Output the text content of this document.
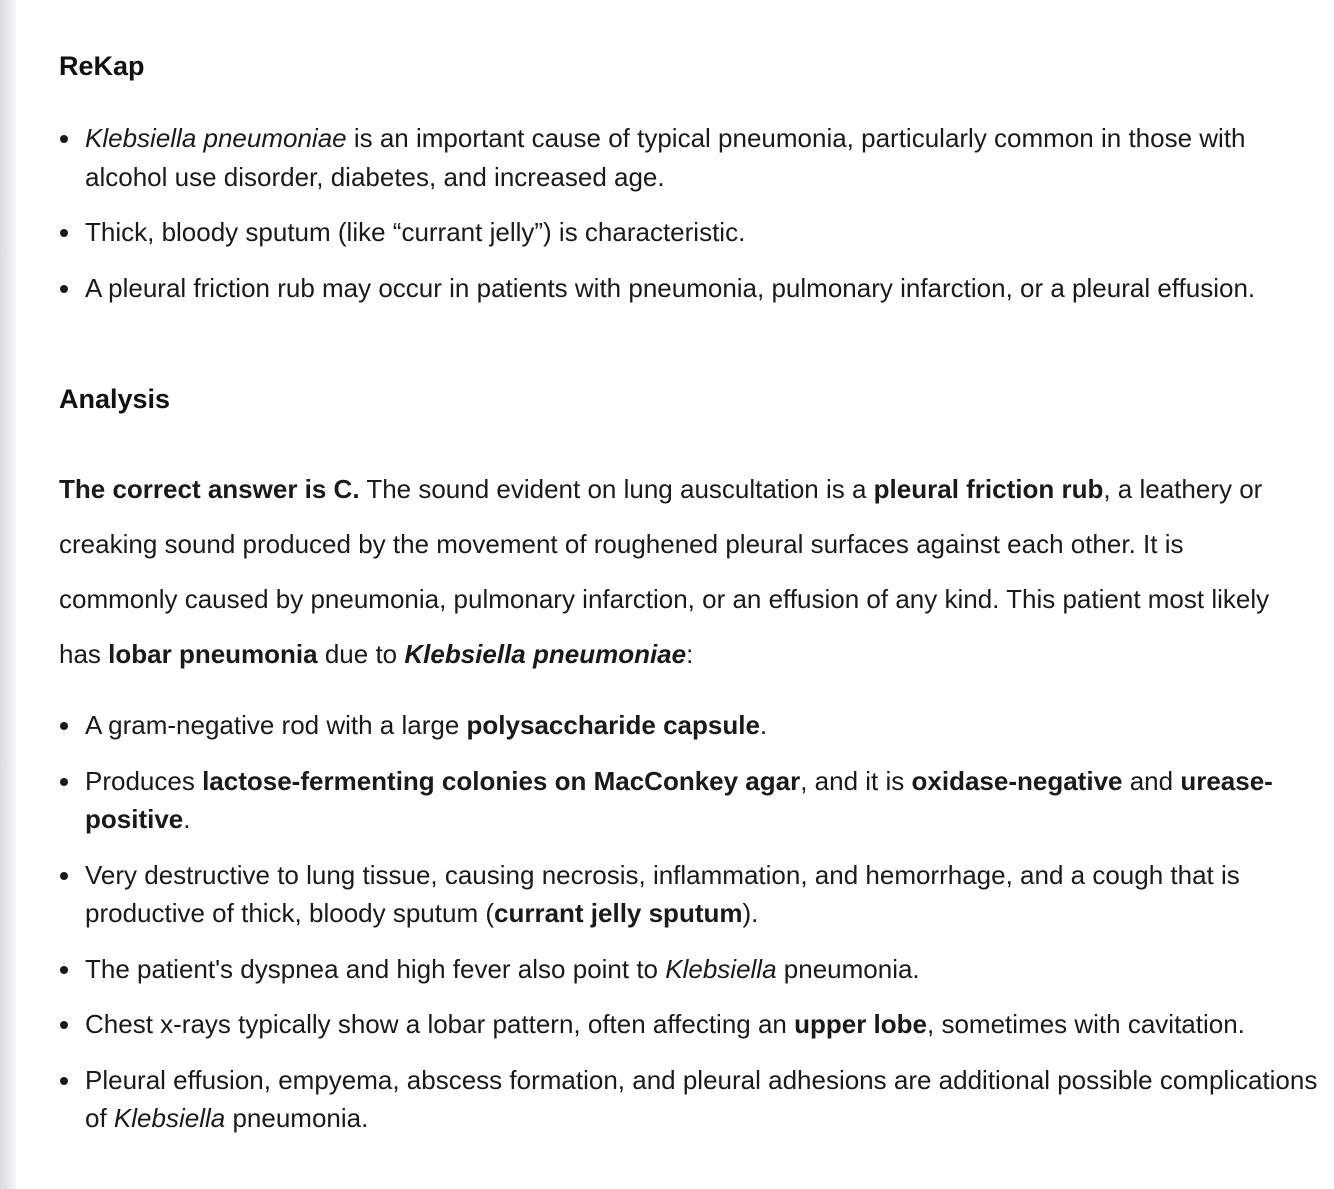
ReKap
Klebsiella pneumoniae is an important cause of typical pneumonia, particularly common in those with alcohol use disorder, diabetes, and increased age.
Thick, bloody sputum (like “currant jelly”) is characteristic.
A pleural friction rub may occur in patients with pneumonia, pulmonary infarction, or a pleural effusion.
Analysis

The correct answer is C. The sound evident on lung auscultation is a pleural friction rub, a leathery or creaking sound produced by the movement of roughened pleural surfaces against each other. It is commonly caused by pneumonia, pulmonary infarction, or an effusion of any kind. This patient most likely has lobar pneumonia due to Klebsiella pneumoniae:

A gram-negative rod with a large polysaccharide capsule.
Produces lactose-fermenting colonies on MacConkey agar, and it is oxidase-negative and urease-positive.
Very destructive to lung tissue, causing necrosis, inflammation, and hemorrhage, and a cough that is productive of thick, bloody sputum (currant jelly sputum).
The patient's dyspnea and high fever also point to Klebsiella pneumonia.
Chest x-rays typically show a lobar pattern, often affecting an upper lobe, sometimes with cavitation.
Pleural effusion, empyema, abscess formation, and pleural adhesions are additional possible complications of Klebsiella pneumonia.
